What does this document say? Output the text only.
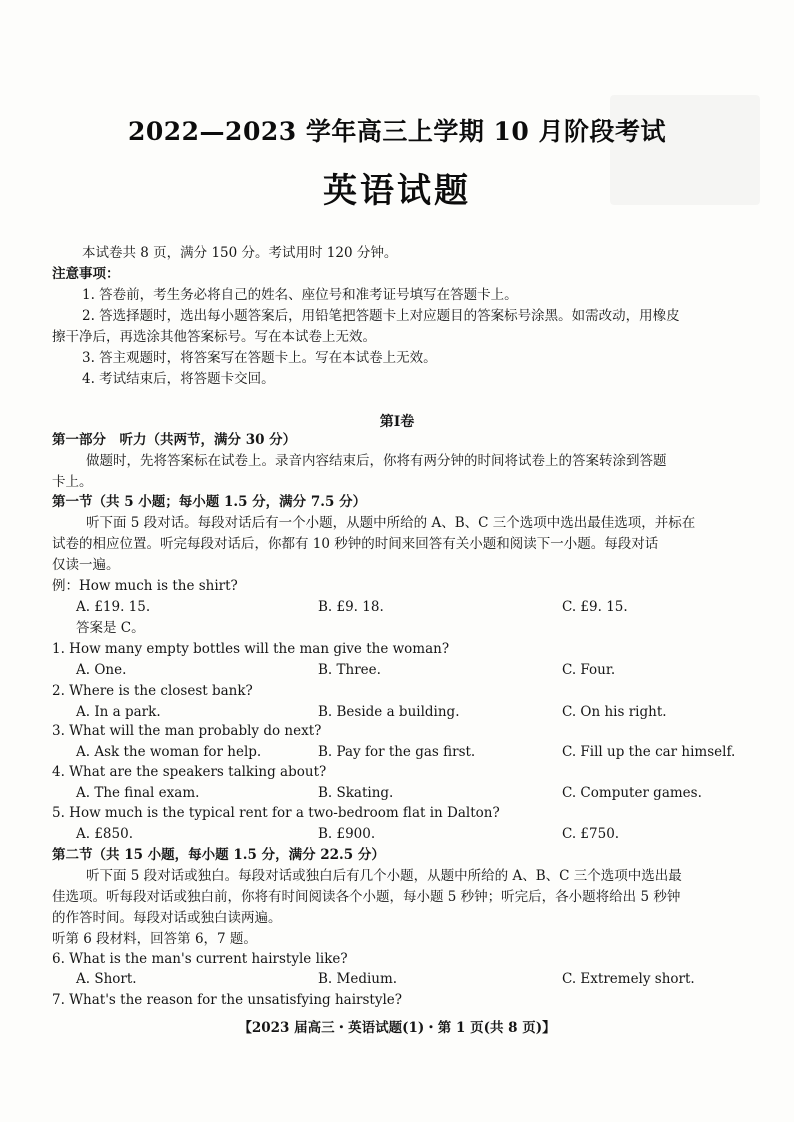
2022—2023 学年高三上学期 10 月阶段考试
英语试题
本试卷共 8 页，满分 150 分。考试用时 120 分钟。
注意事项：
1. 答卷前，考生务必将自己的姓名、座位号和准考证号填写在答题卡上。
2. 答选择题时，选出每小题答案后，用铅笔把答题卡上对应题目的答案标号涂黑。如需改动，用橡皮
擦干净后，再选涂其他答案标号。写在本试卷上无效。
3. 答主观题时，将答案写在答题卡上。写在本试卷上无效。
4. 考试结束后，将答题卡交回。
第Ⅰ卷
第一部分　听力（共两节，满分 30 分）
做题时，先将答案标在试卷上。录音内容结束后，你将有两分钟的时间将试卷上的答案转涂到答题
卡上。
第一节（共 5 小题；每小题 1.5 分，满分 7.5 分）
听下面 5 段对话。每段对话后有一个小题，从题中所给的 A、B、C 三个选项中选出最佳选项，并标在
试卷的相应位置。听完每段对话后，你都有 10 秒钟的时间来回答有关小题和阅读下一小题。每段对话
仅读一遍。
例：How much is the shirt?
A. £19. 15.	B. £9. 18.	C. £9. 15.
答案是 C。
1. How many empty bottles will the man give the woman?
A. One.	B. Three.	C. Four.
2. Where is the closest bank?
A. In a park.	B. Beside a building.	C. On his right.
3. What will the man probably do next?
A. Ask the woman for help.	B. Pay for the gas first.	C. Fill up the car himself.
4. What are the speakers talking about?
A. The final exam.	B. Skating.	C. Computer games.
5. How much is the typical rent for a two-bedroom flat in Dalton?
A. £850.	B. £900.	C. £750.
第二节（共 15 小题，每小题 1.5 分，满分 22.5 分）
听下面 5 段对话或独白。每段对话或独白后有几个小题，从题中所给的 A、B、C 三个选项中选出最
佳选项。听每段对话或独白前，你将有时间阅读各个小题，每小题 5 秒钟；听完后，各小题将给出 5 秒钟
的作答时间。每段对话或独白读两遍。
听第 6 段材料，回答第 6，7 题。
6. What is the man's current hairstyle like?
A. Short.	B. Medium.	C. Extremely short.
7. What's the reason for the unsatisfying hairstyle?
【2023 届高三・英语试题(1)・第 1 页(共 8 页)】
